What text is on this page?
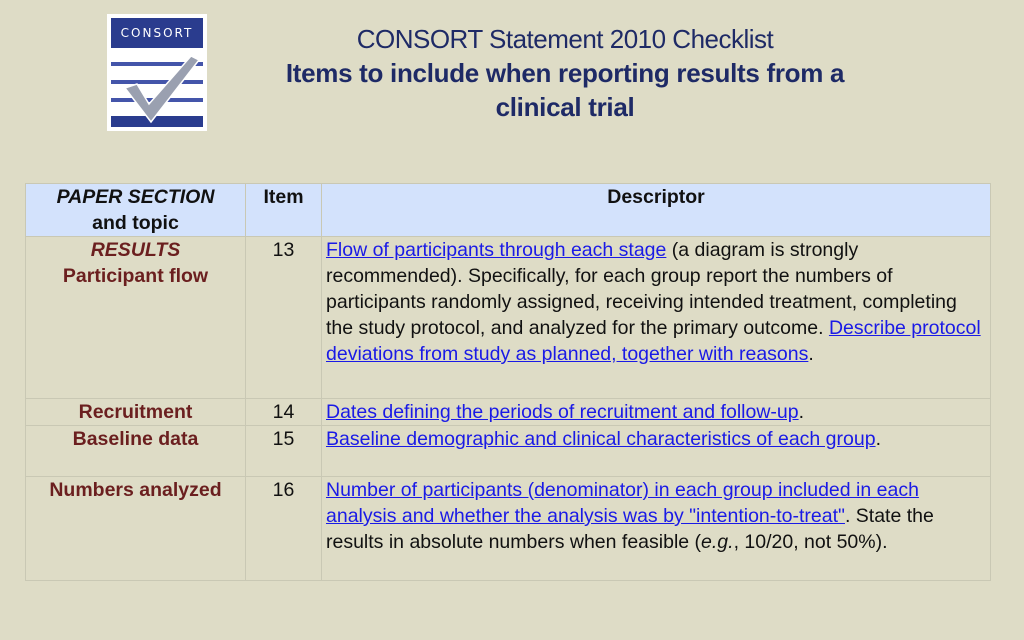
CONSORT	CONSORT Statement 2010 Checklist
Items to include when reporting results from a
clinical trial
PAPER SECTION
and topic	Item	Descriptor
RESULTS
Participant flow	13	Flow of participants through each stage (a diagram is strongly recommended). Specifically, for each group report the numbers of participants randomly assigned, receiving intended treatment, completing the study protocol, and analyzed for the primary outcome. Describe protocol deviations from study as planned, together with reasons.
Recruitment	14	Dates defining the periods of recruitment and follow-up.
Baseline data	15	Baseline demographic and clinical characteristics of each group.
Numbers analyzed	16	Number of participants (denominator) in each group included in each analysis and whether the analysis was by "intention-to-treat". State the results in absolute numbers when feasible (e.g., 10/20, not 50%).
